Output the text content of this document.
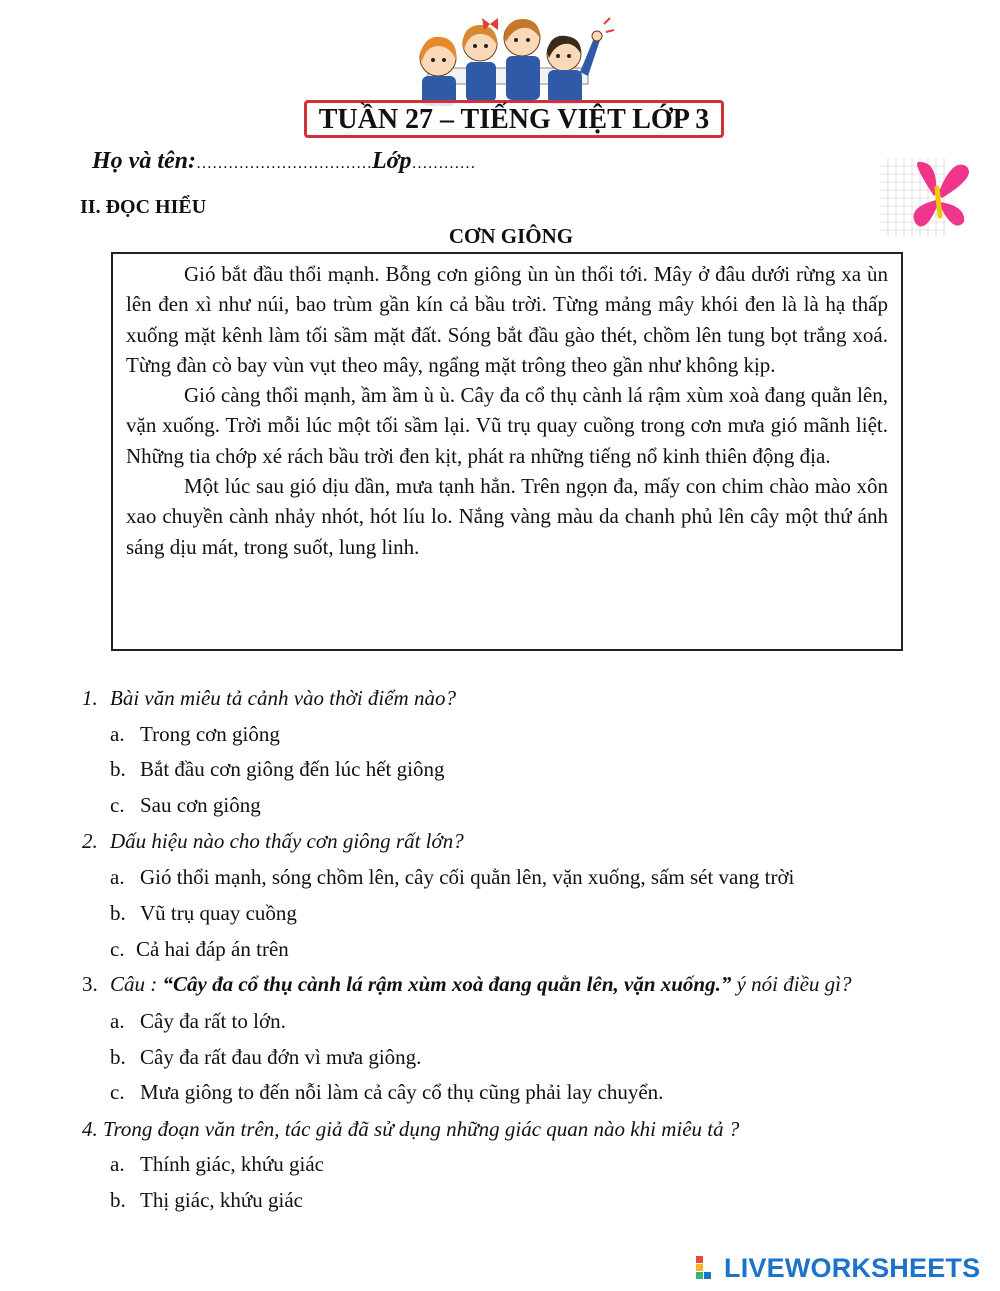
TUẦN 27 – TIẾNG VIỆT LỚP 3
Họ và tên:……………………………Lớp…………
II. ĐỌC HIỂU
CƠN GIÔNG

Gió bắt đầu thổi mạnh. Bỗng cơn giông ùn ùn thổi tới. Mây ở đâu dưới rừng xa ùn lên đen xì như núi, bao trùm gần kín cả bầu trời. Từng mảng mây khói đen là là hạ thấp xuống mặt kênh làm tối sầm mặt đất. Sóng bắt đầu gào thét, chồm lên tung bọt trắng xoá. Từng đàn cò bay vùn vụt theo mây, ngẩng mặt trông theo gần như không kịp.

Gió càng thổi mạnh, ầm ầm ù ù. Cây đa cổ thụ cành lá rậm xùm xoà đang quằn lên, vặn xuống. Trời mỗi lúc một tối sầm lại. Vũ trụ quay cuồng trong cơn mưa gió mãnh liệt. Những tia chớp xé rách bầu trời đen kịt, phát ra những tiếng nổ kinh thiên động địa.

Một lúc sau gió dịu dần, mưa tạnh hẳn. Trên ngọn đa, mấy con chim chào mào xôn xao chuyền cành nhảy nhót, hót líu lo. Nắng vàng màu da chanh phủ lên cây một thứ ánh sáng dịu mát, trong suốt, lung linh.

1. Bài văn miêu tả cảnh vào thời điểm nào?
a. Trong cơn giông
b. Bắt đầu cơn giông đến lúc hết giông
c. Sau cơn giông
2. Dấu hiệu nào cho thấy cơn giông rất lớn?
a. Gió thổi mạnh, sóng chồm lên, cây cối quằn lên, vặn xuống, sấm sét vang trời
b. Vũ trụ quay cuồng
c. Cả hai đáp án trên
3. Câu : “Cây đa cổ thụ cành lá rậm xùm xoà đang quằn lên, vặn xuống.” ý nói điều gì?
a. Cây đa rất to lớn.
b. Cây đa rất đau đớn vì mưa giông.
c. Mưa giông to đến nỗi làm cả cây cổ thụ cũng phải lay chuyển.
4. Trong đoạn văn trên, tác giả đã sử dụng những giác quan nào khi miêu tả ?
a. Thính giác, khứu giác
b. Thị giác, khứu giác
LIVEWORKSHEETS
